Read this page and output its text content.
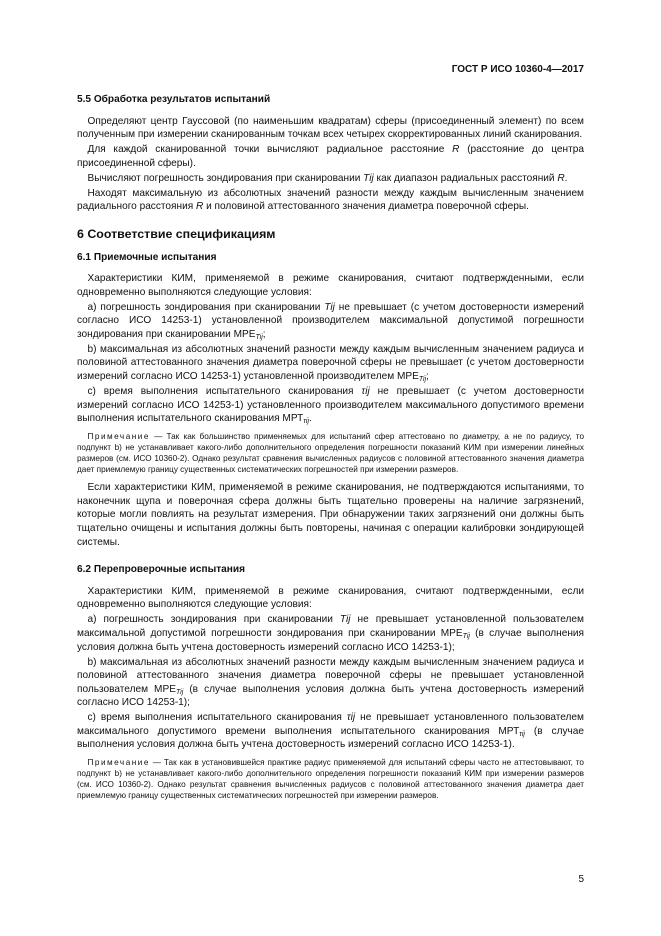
ГОСТ Р ИСО 10360-4—2017
5.5 Обработка результатов испытаний

Определяют центр Гауссовой (по наименьшим квадратам) сферы (присоединенный элемент) по всем полученным при измерении сканированным точкам всех четырех скорректированных линий сканирования.

Для каждой сканированной точки вычисляют радиальное расстояние R (расстояние до центра присоединенной сферы).

Вычисляют погрешность зондирования при сканировании Tij как диапазон радиальных расстояний R.

Находят максимальную из абсолютных значений разности между каждым вычисленным значением радиального расстояния R и половиной аттестованного значения диаметра поверочной сферы.

6 Соответствие спецификациям
6.1 Приемочные испытания

Характеристики КИМ, применяемой в режиме сканирования, считают подтвержденными, если одновременно выполняются следующие условия:

а) погрешность зондирования при сканировании Tij не превышает (с учетом достоверности измерений согласно ИСО 14253-1) установленной производителем максимальной допустимой погрешности зондирования при сканировании $МРЕ_{Tij}$;

b) максимальная из абсолютных значений разности между каждым вычисленным значением радиуса и половиной аттестованного значения диаметра поверочной сферы не превышает (с учетом достоверности измерений согласно ИСО 14253-1) установленной производителем $МРЕ_{Tij}$;

c) время выполнения испытательного сканирования τij не превышает (с учетом достоверности измерений согласно ИСО 14253-1) установленного производителем максимального допустимого времени выполнения испытательного сканирования $МРТ_{\tau ij}$.

Примечание — Так как большинство применяемых для испытаний сфер аттестовано по диаметру, а не по радиусу, то подпункт b) не устанавливает какого-либо дополнительного определения погрешности показаний КИМ при измерении линейных размеров (см. ИСО 10360-2). Однако результат сравнения вычисленных радиусов с половиной аттестованного значения диаметра дает приемлемую границу существенных систематических погрешностей при измерении размеров.

Если характеристики КИМ, применяемой в режиме сканирования, не подтверждаются испытаниями, то наконечник щупа и поверочная сфера должны быть тщательно проверены на наличие загрязнений, которые могли повлиять на результат измерения. При обнаружении таких загрязнений они должны быть тщательно очищены и испытания должны быть повторены, начиная с операции калибровки зондирующей системы.

6.2 Перепроверочные испытания

Характеристики КИМ, применяемой в режиме сканирования, считают подтвержденными, если одновременно выполняются следующие условия:

а) погрешность зондирования при сканировании Tij не превышает установленной пользователем максимальной допустимой погрешности зондирования при сканировании $МРЕ_{Tij}$ (в случае выполнения условия должна быть учтена достоверность измерений согласно ИСО 14253-1);

b) максимальная из абсолютных значений разности между каждым вычисленным значением радиуса и половиной аттестованного значения диаметра поверочной сферы не превышает установленной пользователем $МРЕ_{Tij}$ (в случае выполнения условия должна быть учтена достоверность измерений согласно ИСО 14253-1);

c) время выполнения испытательного сканирования τij не превышает установленного пользователем максимального допустимого времени выполнения испытательного сканирования $МРТ_{\tau ij}$ (в случае выполнения условия должна быть учтена достоверность измерений согласно ИСО 14253-1).

Примечание — Так как в установившейся практике радиус применяемой для испытаний сферы часто не аттестовывают, то подпункт b) не устанавливает какого-либо дополнительного определения погрешности показаний КИМ при измерении размеров (см. ИСО 10360-2). Однако результат сравнения вычисленных радиусов с половиной аттестованного значения диаметра дает приемлемую границу существенных систематических погрешностей при измерении размеров.

5
